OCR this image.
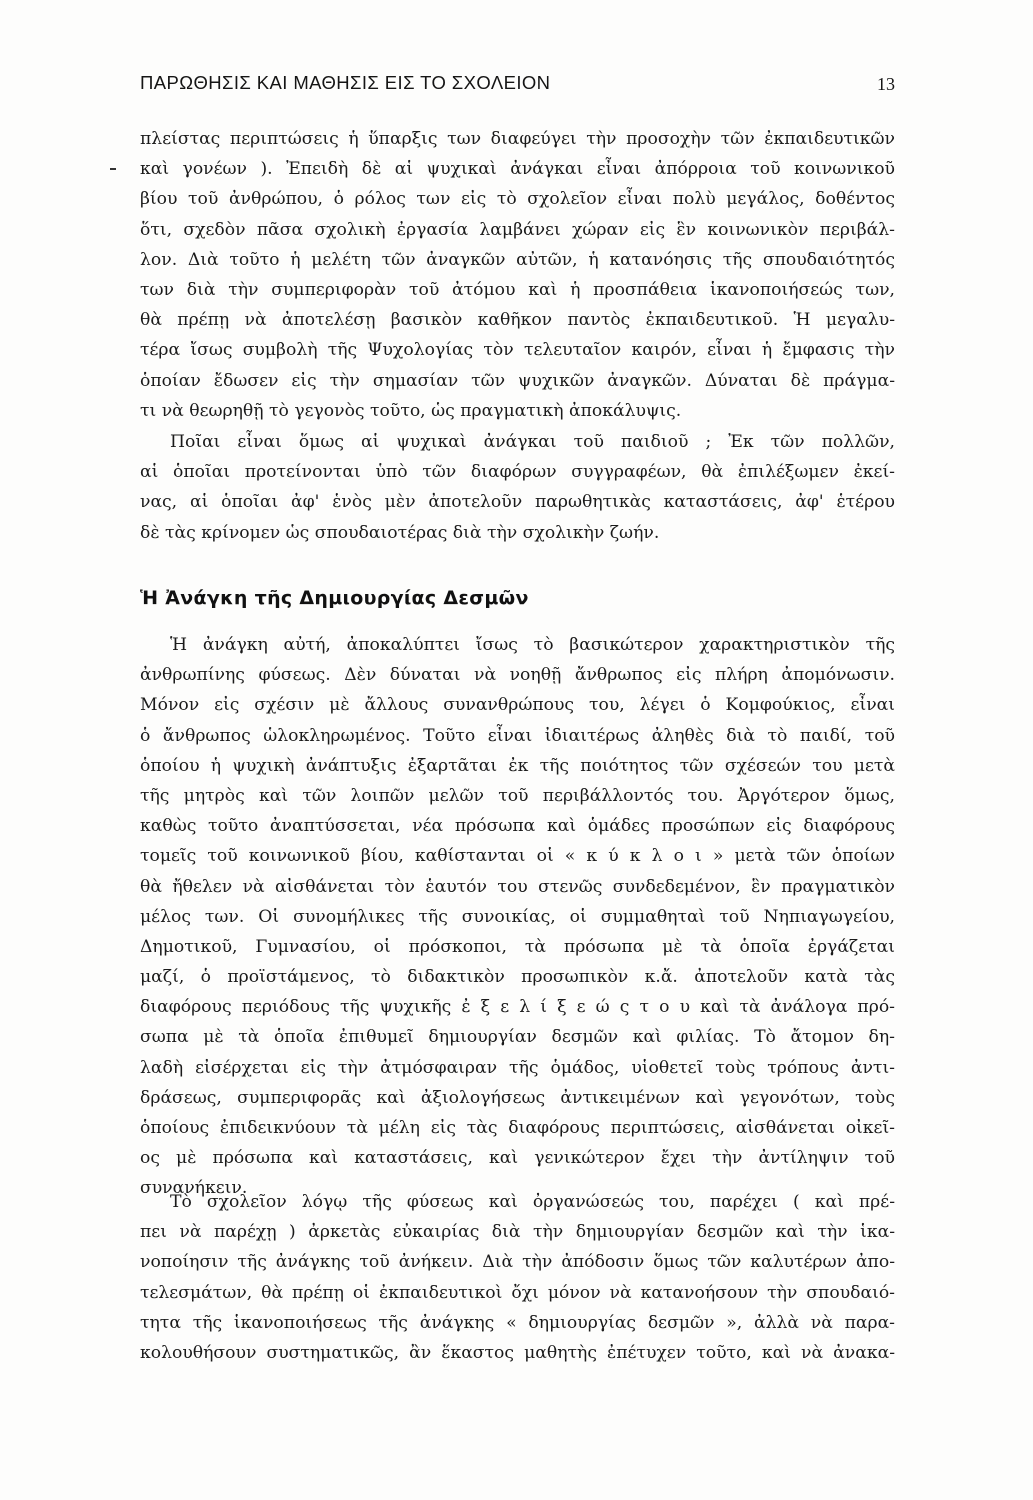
ΠΑΡΩΘΗΣΙΣ ΚΑΙ ΜΑΘΗΣΙΣ ΕΙΣ ΤΟ ΣΧΟΛΕΙΟΝ	13
πλείστας περιπτώσεις ἡ ὕπαρξις των διαφεύγει τὴν προσοχὴν τῶν ἐκπαιδευτικῶν
καὶ γονέων ). Ἐπειδὴ δὲ αἱ ψυχικαὶ ἀνάγκαι εἶναι ἀπόρροια τοῦ κοινωνικοῦ
βίου τοῦ ἀνθρώπου, ὁ ρόλος των εἰς τὸ σχολεῖον εἶναι πολὺ μεγάλος, δοθέντος
ὅτι, σχεδὸν πᾶσα σχολικὴ ἐργασία λαμβάνει χώραν εἰς ἓν κοινωνικὸν περιβάλ-
λον. Διὰ τοῦτο ἡ μελέτη τῶν ἀναγκῶν αὐτῶν, ἡ κατανόησις τῆς σπουδαιότητός
των διὰ τὴν συμπεριφορὰν τοῦ ἀτόμου καὶ ἡ προσπάθεια ἱκανοποιήσεώς των,
θὰ πρέπῃ νὰ ἀποτελέσῃ βασικὸν καθῆκον παντὸς ἐκπαιδευτικοῦ. Ἡ μεγαλυ-
τέρα ἴσως συμβολὴ τῆς Ψυχολογίας τὸν τελευταῖον καιρόν, εἶναι ἡ ἔμφασις τὴν
ὁποίαν ἔδωσεν εἰς τὴν σημασίαν τῶν ψυχικῶν ἀναγκῶν. Δύναται δὲ πράγμα-
τι νὰ θεωρηθῇ τὸ γεγονὸς τοῦτο, ὡς πραγματικὴ ἀποκάλυψις.
Ποῖαι εἶναι ὅμως αἱ ψυχικαὶ ἀνάγκαι τοῦ παιδιοῦ ; Ἐκ τῶν πολλῶν,
αἱ ὁποῖαι προτείνονται ὑπὸ τῶν διαφόρων συγγραφέων, θὰ ἐπιλέξωμεν ἐκεί-
νας, αἱ ὁποῖαι ἀφ' ἑνὸς μὲν ἀποτελοῦν παρωθητικὰς καταστάσεις, ἀφ' ἑτέρου
δὲ τὰς κρίνομεν ὡς σπουδαιοτέρας διὰ τὴν σχολικὴν ζωήν.
Ἡ Ἀνάγκη τῆς Δημιουργίας Δεσμῶν
Ἡ ἀνάγκη αὐτή, ἀποκαλύπτει ἴσως τὸ βασικώτερον χαρακτηριστικὸν τῆς
ἀνθρωπίνης φύσεως. Δὲν δύναται νὰ νοηθῇ ἄνθρωπος εἰς πλήρη ἀπομόνωσιν.
Μόνον εἰς σχέσιν μὲ ἄλλους συνανθρώπους του, λέγει ὁ Κομφούκιος, εἶναι
ὁ ἄνθρωπος ὡλοκληρωμένος. Τοῦτο εἶναι ἰδιαιτέρως ἀληθὲς διὰ τὸ παιδί, τοῦ
ὁποίου ἡ ψυχικὴ ἀνάπτυξις ἐξαρτᾶται ἐκ τῆς ποιότητος τῶν σχέσεών του μετὰ
τῆς μητρὸς καὶ τῶν λοιπῶν μελῶν τοῦ περιβάλλοντός του. Ἀργότερον ὅμως,
καθὼς τοῦτο ἀναπτύσσεται, νέα πρόσωπα καὶ ὁμάδες προσώπων εἰς διαφόρους
τομεῖς τοῦ κοινωνικοῦ βίου, καθίστανται οἱ « κ ύ κ λ ο ι » μετὰ τῶν ὁποίων
θὰ ἤθελεν νὰ αἰσθάνεται τὸν ἑαυτόν του στενῶς συνδεδεμένον, ἓν πραγματικὸν
μέλος των. Οἱ συνομήλικες τῆς συνοικίας, οἱ συμμαθηταὶ τοῦ Νηπιαγωγείου,
Δημοτικοῦ, Γυμνασίου, οἱ πρόσκοποι, τὰ πρόσωπα μὲ τὰ ὁποῖα ἐργάζεται
μαζί, ὁ προϊστάμενος, τὸ διδακτικὸν προσωπικὸν κ.ἄ. ἀποτελοῦν κατὰ τὰς
διαφόρους περιόδους τῆς ψυχικῆς ἐ ξ ε λ ί ξ ε ώ ς τ ο υ καὶ τὰ ἀνάλογα πρό-
σωπα μὲ τὰ ὁποῖα ἐπιθυμεῖ δημιουργίαν δεσμῶν καὶ φιλίας. Τὸ ἄτομον δη-
λαδὴ εἰσέρχεται εἰς τὴν ἀτμόσφαιραν τῆς ὁμάδος, υἱοθετεῖ τοὺς τρόπους ἀντι-
δράσεως, συμπεριφορᾶς καὶ ἀξιολογήσεως ἀντικειμένων καὶ γεγονότων, τοὺς
ὁποίους ἐπιδεικνύουν τὰ μέλη εἰς τὰς διαφόρους περιπτώσεις, αἰσθάνεται οἰκεῖ-
ος μὲ πρόσωπα καὶ καταστάσεις, καὶ γενικώτερον ἔχει τὴν ἀντίληψιν τοῦ
συνανήκειν.
Τὸ σχολεῖον λόγῳ τῆς φύσεως καὶ ὀργανώσεώς του, παρέχει ( καὶ πρέ-
πει νὰ παρέχῃ ) ἀρκετὰς εὐκαιρίας διὰ τὴν δημιουργίαν δεσμῶν καὶ τὴν ἱκα-
νοποίησιν τῆς ἀνάγκης τοῦ ἀνήκειν. Διὰ τὴν ἀπόδοσιν ὅμως τῶν καλυτέρων ἀπο-
τελεσμάτων, θὰ πρέπῃ οἱ ἐκπαιδευτικοὶ ὄχι μόνον νὰ κατανοήσουν τὴν σπουδαιό-
τητα τῆς ἱκανοποιήσεως τῆς ἀνάγκης « δημιουργίας δεσμῶν », ἀλλὰ νὰ παρα-
κολουθήσουν συστηματικῶς, ἂν ἕκαστος μαθητὴς ἐπέτυχεν τοῦτο, καὶ νὰ ἀνακα-
